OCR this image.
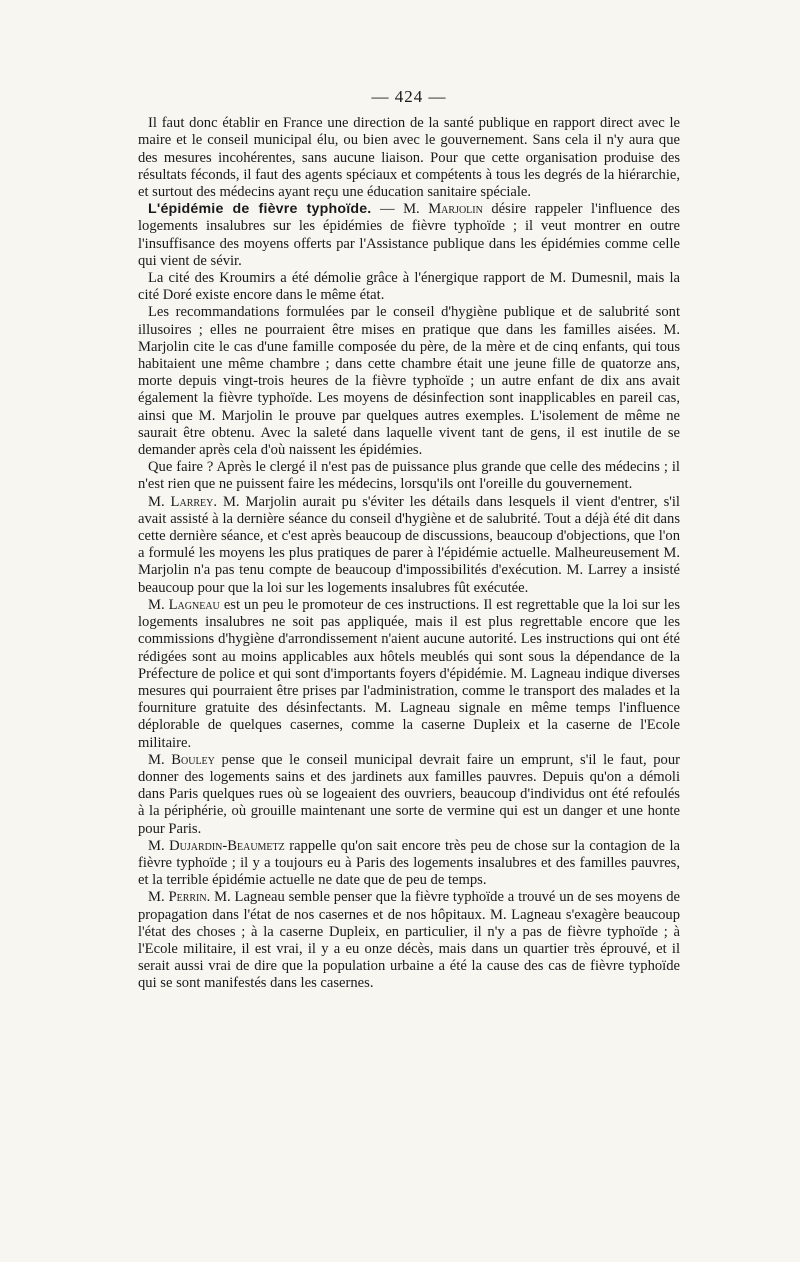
— 424 —

Il faut donc établir en France une direction de la santé publique en rapport direct avec le maire et le conseil municipal élu, ou bien avec le gouvernement. Sans cela il n'y aura que des mesures incohérentes, sans aucune liaison. Pour que cette organisation produise des résultats féconds, il faut des agents spéciaux et compétents à tous les degrés de la hiérarchie, et surtout des médecins ayant reçu une éducation sanitaire spéciale.

L'épidémie de fièvre typhoïde. — M. Marjolin désire rappeler l'influence des logements insalubres sur les épidémies de fièvre typhoïde ; il veut montrer en outre l'insuffisance des moyens offerts par l'Assistance publique dans les épidémies comme celle qui vient de sévir.

La cité des Kroumirs a été démolie grâce à l'énergique rapport de M. Dumesnil, mais la cité Doré existe encore dans le même état.

Les recommandations formulées par le conseil d'hygiène publique et de salubrité sont illusoires ; elles ne pourraient être mises en pratique que dans les familles aisées. M. Marjolin cite le cas d'une famille composée du père, de la mère et de cinq enfants, qui tous habitaient une même chambre ; dans cette chambre était une jeune fille de quatorze ans, morte depuis vingt-trois heures de la fièvre typhoïde ; un autre enfant de dix ans avait également la fièvre typhoïde. Les moyens de désinfection sont inapplicables en pareil cas, ainsi que M. Marjolin le prouve par quelques autres exemples. L'isolement de même ne saurait être obtenu. Avec la saleté dans laquelle vivent tant de gens, il est inutile de se demander après cela d'où naissent les épidémies.

Que faire ? Après le clergé il n'est pas de puissance plus grande que celle des médecins ; il n'est rien que ne puissent faire les médecins, lorsqu'ils ont l'oreille du gouvernement.

M. Larrey. M. Marjolin aurait pu s'éviter les détails dans lesquels il vient d'entrer, s'il avait assisté à la dernière séance du conseil d'hygiène et de salubrité. Tout a déjà été dit dans cette dernière séance, et c'est après beaucoup de discussions, beaucoup d'objections, que l'on a formulé les moyens les plus pratiques de parer à l'épidémie actuelle. Malheureusement M. Marjolin n'a pas tenu compte de beaucoup d'impossibilités d'exécution. M. Larrey a insisté beaucoup pour que la loi sur les logements insalubres fût exécutée.

M. Lagneau est un peu le promoteur de ces instructions. Il est regrettable que la loi sur les logements insalubres ne soit pas appliquée, mais il est plus regrettable encore que les commissions d'hygiène d'arrondissement n'aient aucune autorité. Les instructions qui ont été rédigées sont au moins applicables aux hôtels meublés qui sont sous la dépendance de la Préfecture de police et qui sont d'importants foyers d'épidémie. M. Lagneau indique diverses mesures qui pourraient être prises par l'administration, comme le transport des malades et la fourniture gratuite des désinfectants. M. Lagneau signale en même temps l'influence déplorable de quelques casernes, comme la caserne Dupleix et la caserne de l'Ecole militaire.

M. Bouley pense que le conseil municipal devrait faire un emprunt, s'il le faut, pour donner des logements sains et des jardinets aux familles pauvres. Depuis qu'on a démoli dans Paris quelques rues où se logeaient des ouvriers, beaucoup d'individus ont été refoulés à la périphérie, où grouille maintenant une sorte de vermine qui est un danger et une honte pour Paris.

M. Dujardin-Beaumetz rappelle qu'on sait encore très peu de chose sur la contagion de la fièvre typhoïde ; il y a toujours eu à Paris des logements insalubres et des familles pauvres, et la terrible épidémie actuelle ne date que de peu de temps.

M. Perrin. M. Lagneau semble penser que la fièvre typhoïde a trouvé un de ses moyens de propagation dans l'état de nos casernes et de nos hôpitaux. M. Lagneau s'exagère beaucoup l'état des choses ; à la caserne Dupleix, en particulier, il n'y a pas de fièvre typhoïde ; à l'Ecole militaire, il est vrai, il y a eu onze décès, mais dans un quartier très éprouvé, et il serait aussi vrai de dire que la population urbaine a été la cause des cas de fièvre typhoïde qui se sont manifestés dans les casernes.
